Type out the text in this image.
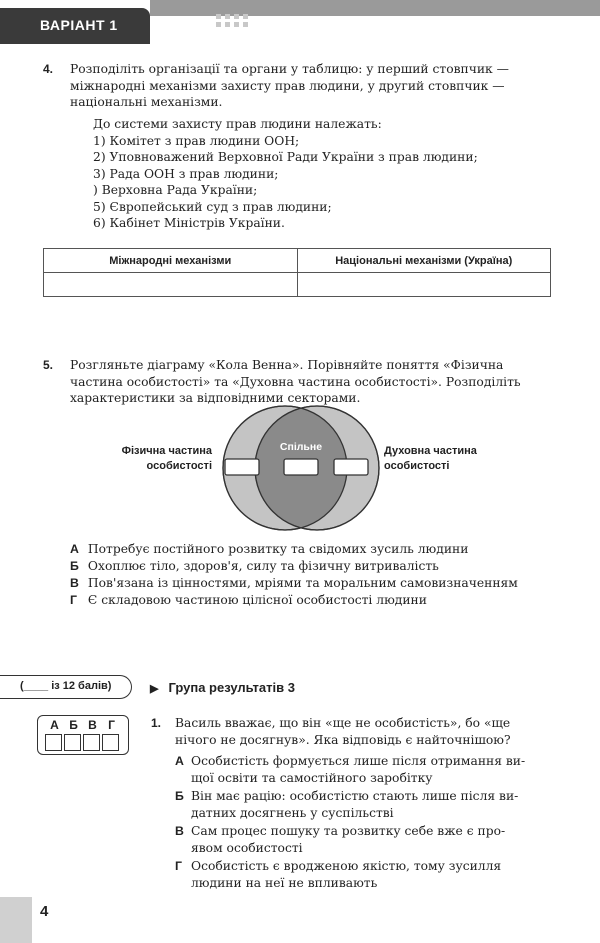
ВАРІАНТ 1
4. Розподіліть організації та органи у таблицю: у перший стовпчик —
міжнародні механізми захисту прав людини, у другий стовпчик —
національні механізми.
До системи захисту прав людини належать:
1) Комітет з прав людини ООН;
2) Уповноважений Верховної Ради України з прав людини;
3) Рада ООН з прав людини;
) Верховна Рада України;
5) Європейський суд з прав людини;
6) Кабінет Міністрів України.
Міжнародні механізми	Національні механізми (Україна)

5. Розгляньте діаграму «Кола Венна». Порівняйте поняття «Фізична
частина особистості» та «Духовна частина особистості». Розподіліть
характеристики за відповідними секторами.
Спільне
Фізична частина
особистості
Духовна частина
особистості
А Потребує постійного розвитку та свідомих зусиль людини
Б Охоплює тіло, здоров'я, силу та фізичну витривалість
В Пов'язана із цінностями, мріями та моральним самовизначенням
Г Є складовою частиною цілісної особистості людини
(____ із 12 балів)	▶ Група результатів 3
А Б В Г	1. Василь вважає, що він «ще не особистість», бо «ще
нічого не досягнув». Яка відповідь є найточнішою?
А Особистість формується лише після отримання ви-
щої освіти та самостійного заробітку
Б Він має рацію: особистістю стають лише після ви-
датних досягнень у суспільстві
В Сам процес пошуку та розвитку себе вже є про-
явом особистості
Г Особистість є вродженою якістю, тому зусилля
людини на неї не впливають
4
